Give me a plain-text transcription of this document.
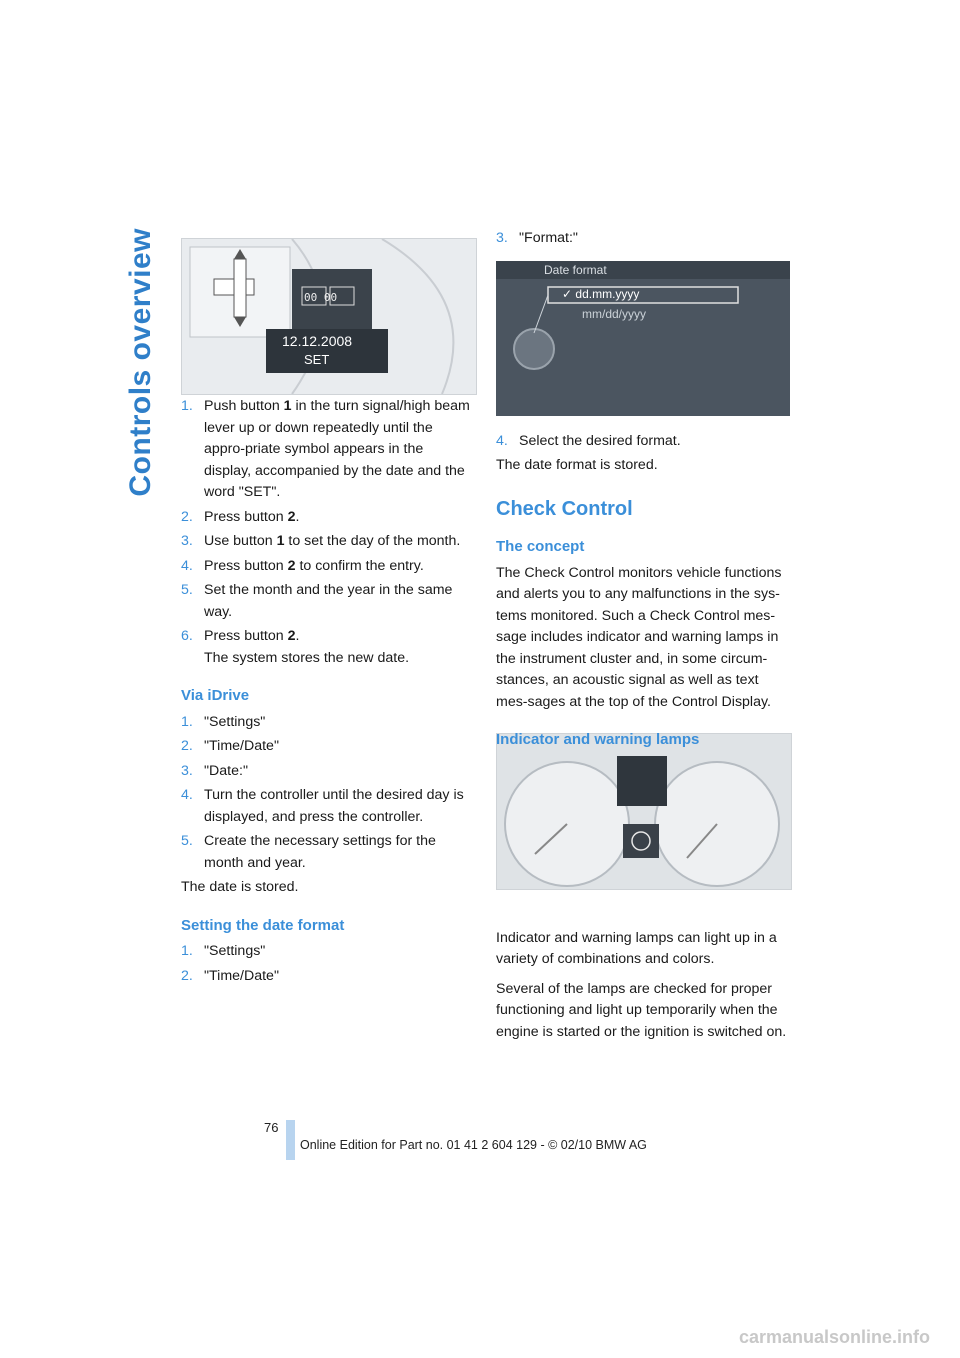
Controls overview	00 00
12.12.2008
SET
Date format
✓ dd.mm.yyyy
mm/dd/yyyy
1. Push button 1 in the turn signal/high beam lever up or down repeatedly until the appro-priate symbol appears in the display, accompanied by the date and the word "SET".
2. Press button 2.
3. Use button 1 to set the day of the month.
4. Press button 2 to confirm the entry.
5. Set the month and the year in the same way.
6. Press button 2.
The system stores the new date.
Via iDrive
1. "Settings"
2. "Time/Date"
3. "Date:"
4. Turn the controller until the desired day is displayed, and press the controller.
5. Create the necessary settings for the month and year.

The date is stored.

Setting the date format
1. "Settings"
2. "Time/Date"
3. "Format:"
4. Select the desired format.

The date format is stored.

Check Control
The concept

The Check Control monitors vehicle functions and alerts you to any malfunctions in the sys-tems monitored. Such a Check Control mes-sage includes indicator and warning lamps in the instrument cluster and, in some circum-stances, an acoustic signal as well as text mes-sages at the top of the Control Display.

Indicator and warning lamps

Indicator and warning lamps can light up in a variety of combinations and colors.

Several of the lamps are checked for proper functioning and light up temporarily when the engine is started or the ignition is switched on.

76
Online Edition for Part no. 01 41 2 604 129 - © 02/10 BMW AG
carmanualsonline.info
